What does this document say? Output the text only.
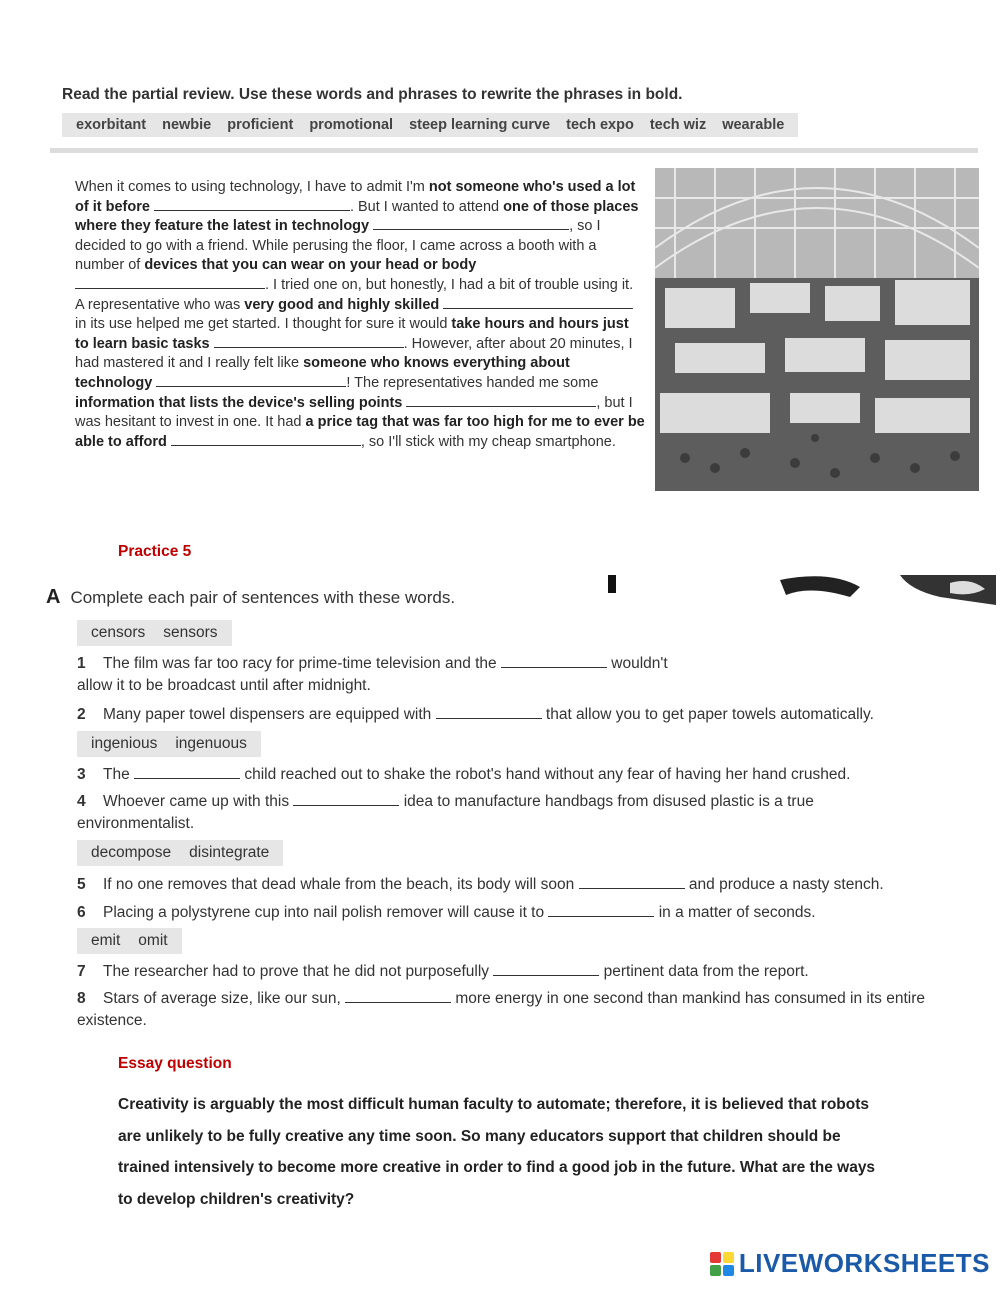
Read the partial review. Use these words and phrases to rewrite the phrases in bold.
exorbitant	newbie	proficient	promotional	steep learning curve	tech expo	tech wiz	wearable
When it comes to using technology, I have to admit I'm not someone who's used a lot of it before	. But I wanted to attend one of those places where they feature the latest in technology	, so I decided to go with a friend. While perusing the floor, I came across a booth with a number of devices that you can wear on your head or body . I tried one on, but honestly, I had a bit of trouble using it. A representative who was very good and highly skilled  in its use helped me get started. I thought for sure it would take hours and hours just to learn basic tasks	. However, after about 20 minutes, I had mastered it and I really felt like someone who knows everything about technology	! The representatives handed me some information that lists the device's selling points	, but I was hesitant to invest in one. It had a price tag that was far too high for me to ever be able to afford	, so I'll stick with my cheap smartphone.
Practice 5
A Complete each pair of sentences with these words.
censors sensors
1 The film was far too racy for prime-time television and the	wouldn't allow it to be broadcast until after midnight.
2 Many paper towel dispensers are equipped with	that allow you to get paper towels automatically.
ingenious ingenuous
3 The	child reached out to shake the robot's hand without any fear of having her hand crushed.
4 Whoever came up with this	idea to manufacture handbags from disused plastic is a true environmentalist.
decompose disintegrate
5 If no one removes that dead whale from the beach, its body will soon	and produce a nasty stench.
6 Placing a polystyrene cup into nail polish remover will cause it to	in a matter of seconds.
emit omit
7 The researcher had to prove that he did not purposefully	pertinent data from the report.
8 Stars of average size, like our sun,	more energy in one second than mankind has consumed in its entire existence.
Essay question
Creativity is arguably the most difficult human faculty to automate; therefore, it is believed that robots are unlikely to be fully creative any time soon. So many educators support that children should be trained intensively to become more creative in order to find a good job in the future. What are the ways to develop children's creativity?
LIVEWORKSHEETS
